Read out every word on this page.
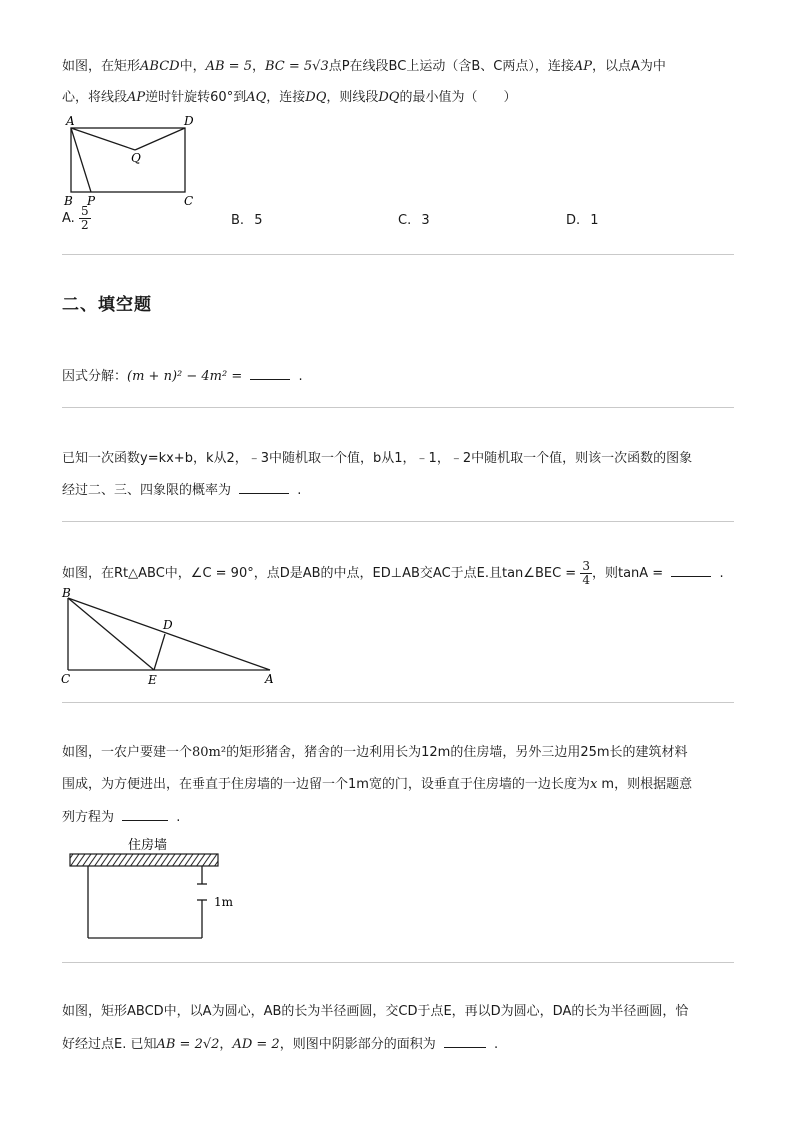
如图，在矩形ABCD中，AB = 5，BC = 5√3点P在线段BC上运动（含B、C两点），连接AP，以点A为中
心，将线段AP逆时针旋转60°到AQ，连接DQ，则线段DQ的最小值为（　　）
A	D
Q
B P	C
A. $\frac{5}{2}$	B. 5	C. 3	D. 1
二、填空题
因式分解：(m + n)² − 4m² =	.
已知一次函数y=kx+b，k从2，﹣3中随机取一个值，b从1，﹣1，﹣2中随机取一个值，则该一次函数的图象
经过二、三、四象限的概率为	.
如图，在Rt△ABC中，∠C = 90°，点D是AB的中点，ED⊥AB交AC于点E.且tan∠BEC = $\frac{3}{4}$ ，则tanA =	.
B
D
C	E	A
如图，一农户要建一个80m²的矩形猪舍，猪舍的一边利用长为12m的住房墙，另外三边用25m长的建筑材料
围成，为方便进出，在垂直于住房墙的一边留一个1m宽的门，设垂直于住房墙的一边长度为x m，则根据题意
列方程为	.
住房墙
1m
如图，矩形ABCD中，以A为圆心，AB的长为半径画圆，交CD于点E，再以D为圆心，DA的长为半径画圆，恰
好经过点E. 已知AB = 2√2，AD = 2，则图中阴影部分的面积为	.
